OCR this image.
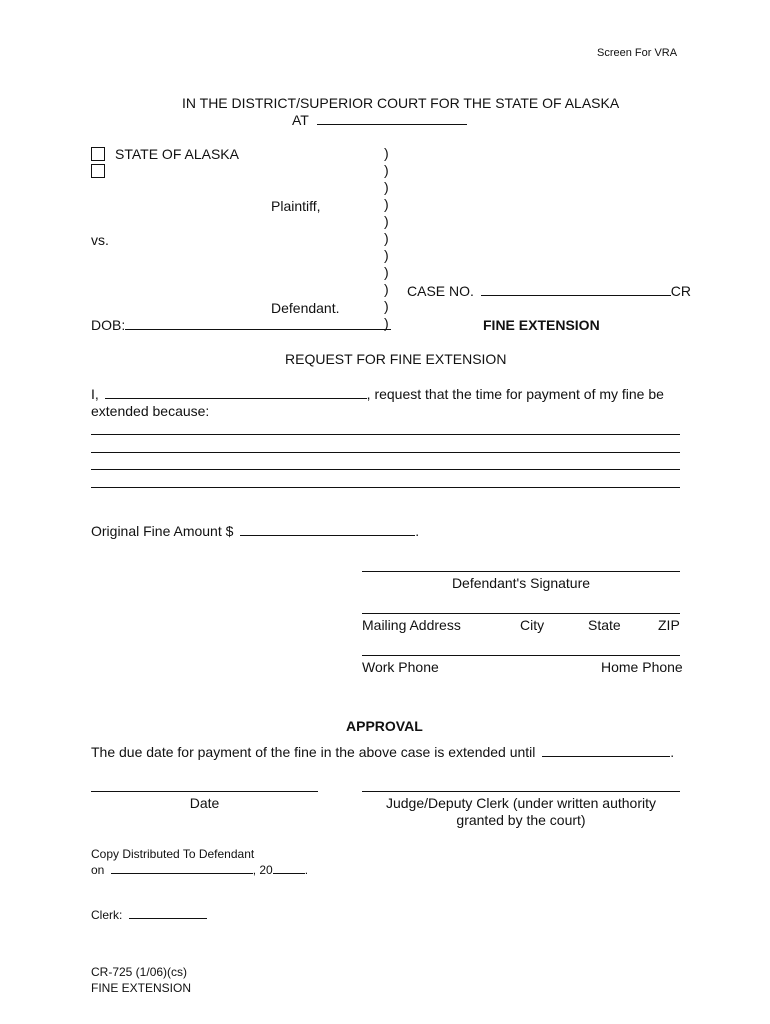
Screen For VRA
IN THE DISTRICT/SUPERIOR COURT FOR THE STATE OF ALASKA
AT
STATE OF ALASKA
Plaintiff,
vs.
Defendant.
DOB:
)
)
)
)
)
)
)
)
)
)
)
CASE NO.	CR
FINE EXTENSION
REQUEST FOR FINE EXTENSION
I,	, request that the time for payment of my fine be
extended because:
Original Fine Amount $	.
Defendant's Signature
Mailing Address	City	State	ZIP
Work Phone	Home Phone
APPROVAL
The due date for payment of the fine in the above case is extended until	.
Date	Judge/Deputy Clerk (under written authority
granted by the court)
Copy Distributed To Defendant
on	, 20	.
Clerk:
CR-725 (1/06)(cs)
FINE EXTENSION
